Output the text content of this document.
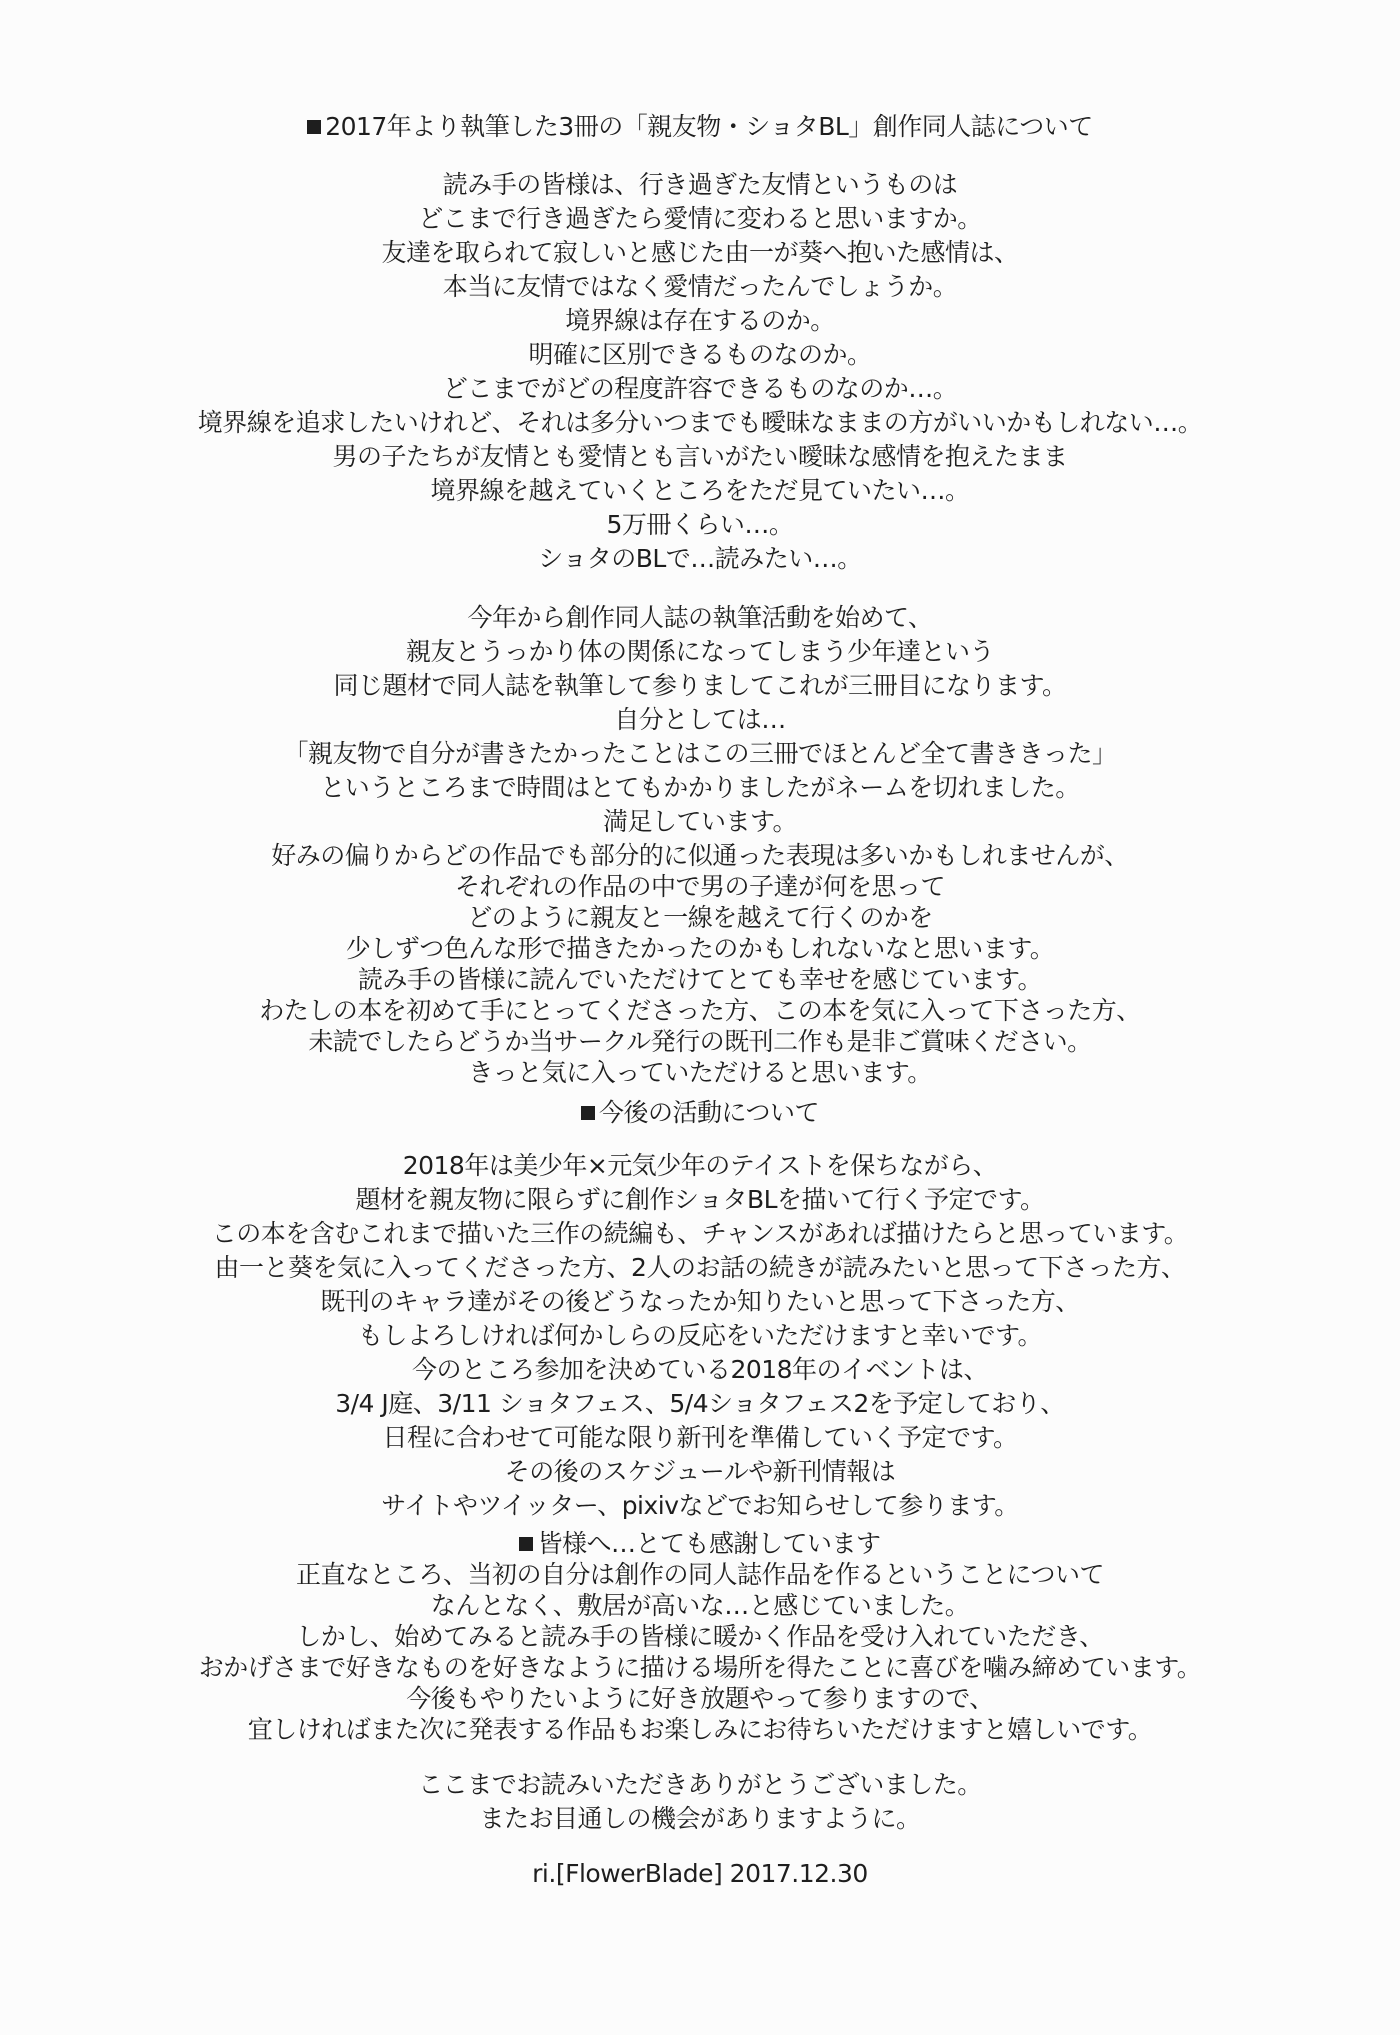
2017年より執筆した3冊の「親友物・ショタBL」創作同人誌について
読み手の皆様は、行き過ぎた友情というものは
どこまで行き過ぎたら愛情に変わると思いますか。
友達を取られて寂しいと感じた由一が葵へ抱いた感情は、
本当に友情ではなく愛情だったんでしょうか。
境界線は存在するのか。
明確に区別できるものなのか。
どこまでがどの程度許容できるものなのか…。
境界線を追求したいけれど、それは多分いつまでも曖昧なままの方がいいかもしれない…。
男の子たちが友情とも愛情とも言いがたい曖昧な感情を抱えたまま
境界線を越えていくところをただ見ていたい…。
5万冊くらい…。
ショタのBLで…読みたい…。
今年から創作同人誌の執筆活動を始めて、
親友とうっかり体の関係になってしまう少年達という
同じ題材で同人誌を執筆して参りましてこれが三冊目になります。
自分としては…
「親友物で自分が書きたかったことはこの三冊でほとんど全て書ききった」
というところまで時間はとてもかかりましたがネームを切れました。
満足しています。
好みの偏りからどの作品でも部分的に似通った表現は多いかもしれませんが、
それぞれの作品の中で男の子達が何を思って
どのように親友と一線を越えて行くのかを
少しずつ色んな形で描きたかったのかもしれないなと思います。
読み手の皆様に読んでいただけてとても幸せを感じています。
わたしの本を初めて手にとってくださった方、この本を気に入って下さった方、
未読でしたらどうか当サークル発行の既刊二作も是非ご賞味ください。
きっと気に入っていただけると思います。
今後の活動について
2018年は美少年×元気少年のテイストを保ちながら、
題材を親友物に限らずに創作ショタBLを描いて行く予定です。
この本を含むこれまで描いた三作の続編も、チャンスがあれば描けたらと思っています。
由一と葵を気に入ってくださった方、2人のお話の続きが読みたいと思って下さった方、
既刊のキャラ達がその後どうなったか知りたいと思って下さった方、
もしよろしければ何かしらの反応をいただけますと幸いです。
今のところ参加を決めている2018年のイベントは、
3/4 J庭、3/11 ショタフェス、5/4ショタフェス2を予定しており、
日程に合わせて可能な限り新刊を準備していく予定です。
その後のスケジュールや新刊情報は
サイトやツイッター、pixivなどでお知らせして参ります。
皆様へ…とても感謝しています
正直なところ、当初の自分は創作の同人誌作品を作るということについて
なんとなく、敷居が高いな…と感じていました。
しかし、始めてみると読み手の皆様に暖かく作品を受け入れていただき、
おかげさまで好きなものを好きなように描ける場所を得たことに喜びを噛み締めています。
今後もやりたいように好き放題やって参りますので、
宜しければまた次に発表する作品もお楽しみにお待ちいただけますと嬉しいです。
ここまでお読みいただきありがとうございました。
またお目通しの機会がありますように。
ri.[FlowerBlade] 2017.12.30
